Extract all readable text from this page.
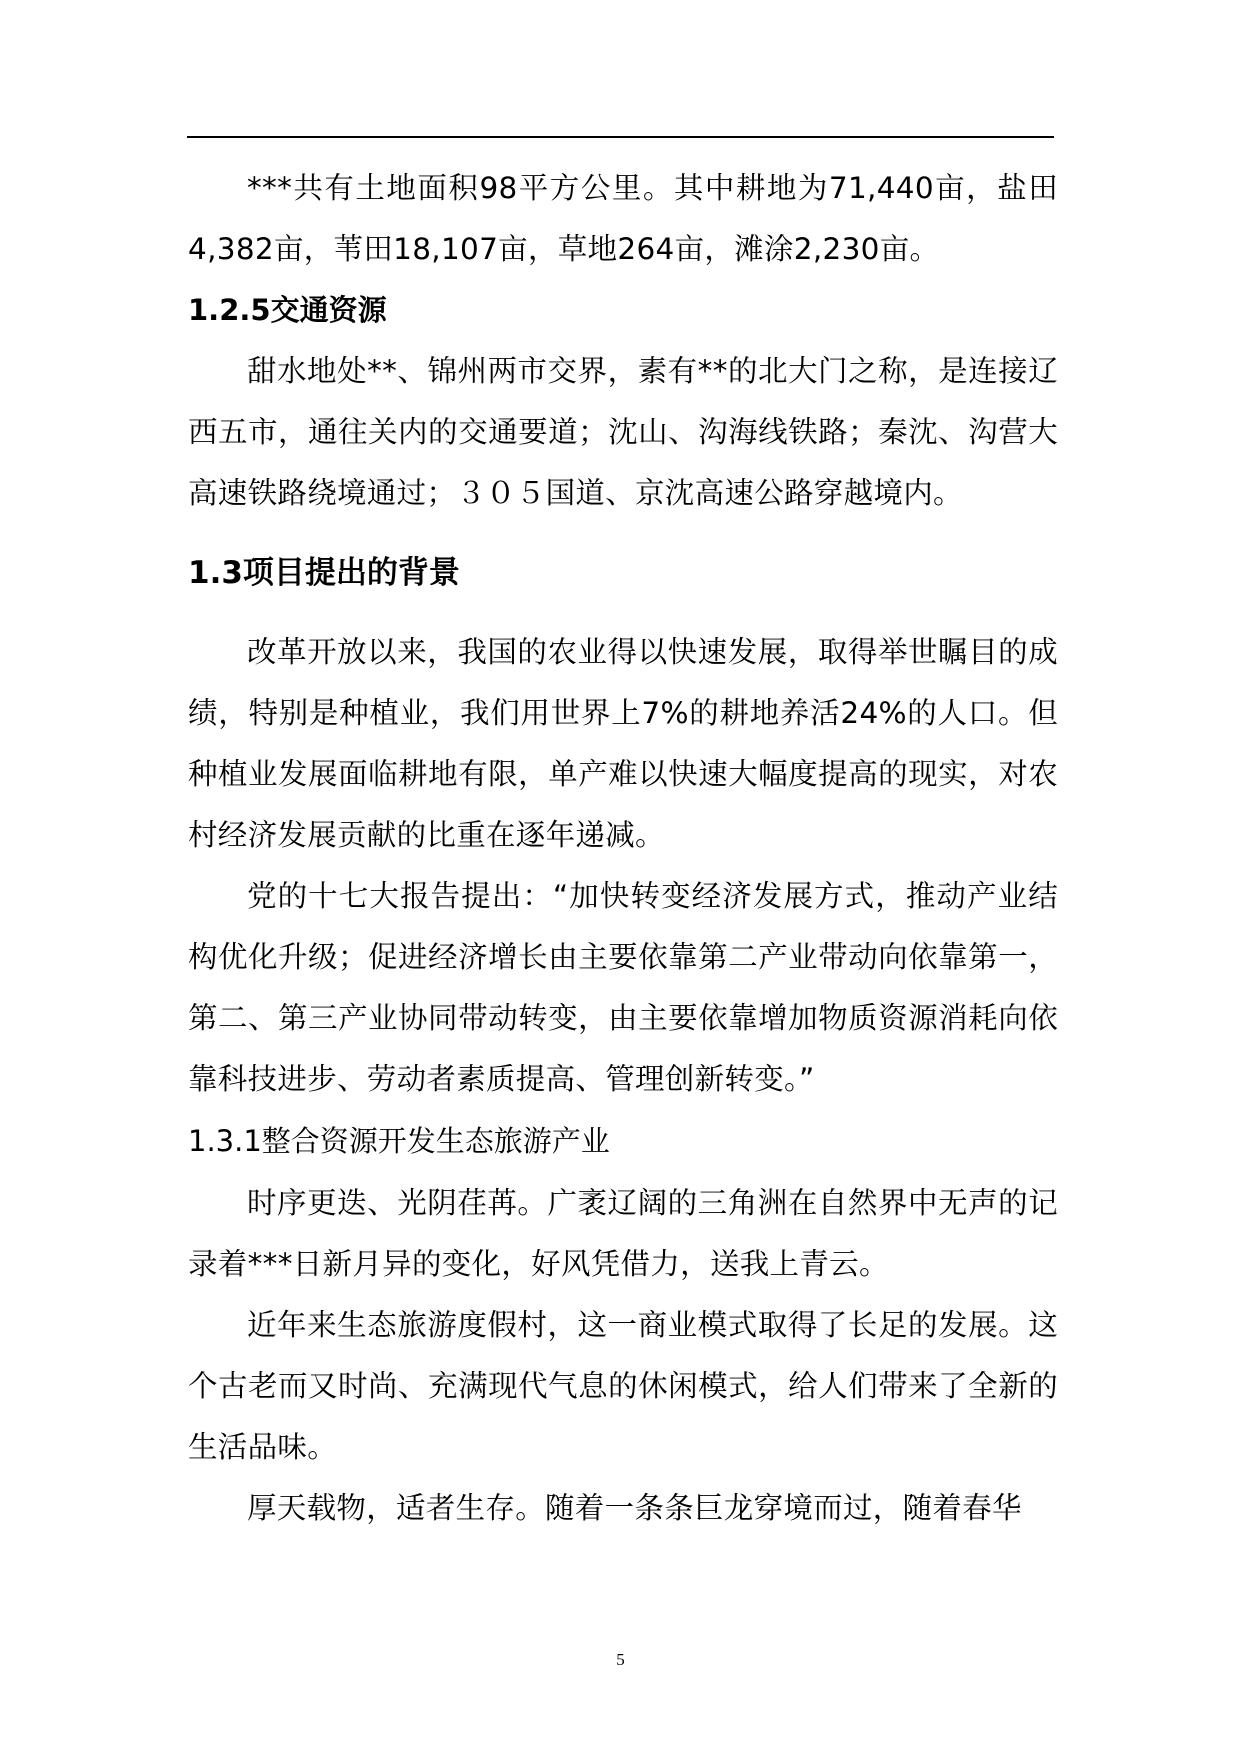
***共有土地面积98平方公里。其中耕地为71,440亩，盐田4,382亩，苇田18,107亩，草地264亩，滩涂2,230亩。

1.2.5交通资源

甜水地处**、锦州两市交界，素有**的北大门之称，是连接辽西五市，通往关内的交通要道；沈山、沟海线铁路；秦沈、沟营大高速铁路绕境通过；３０５国道、京沈高速公路穿越境内。

1.3项目提出的背景

改革开放以来，我国的农业得以快速发展，取得举世瞩目的成绩，特别是种植业，我们用世界上7%的耕地养活24%的人口。但种植业发展面临耕地有限，单产难以快速大幅度提高的现实，对农村经济发展贡献的比重在逐年递减。

党的十七大报告提出：“加快转变经济发展方式，推动产业结构优化升级；促进经济增长由主要依靠第二产业带动向依靠第一，第二、第三产业协同带动转变，由主要依靠增加物质资源消耗向依靠科技进步、劳动者素质提高、管理创新转变。”

1.3.1整合资源开发生态旅游产业

时序更迭、光阴荏苒。广袤辽阔的三角洲在自然界中无声的记录着***日新月异的变化，好风凭借力，送我上青云。

近年来生态旅游度假村，这一商业模式取得了长足的发展。这个古老而又时尚、充满现代气息的休闲模式，给人们带来了全新的生活品味。

厚天载物，适者生存。随着一条条巨龙穿境而过，随着春华

5
